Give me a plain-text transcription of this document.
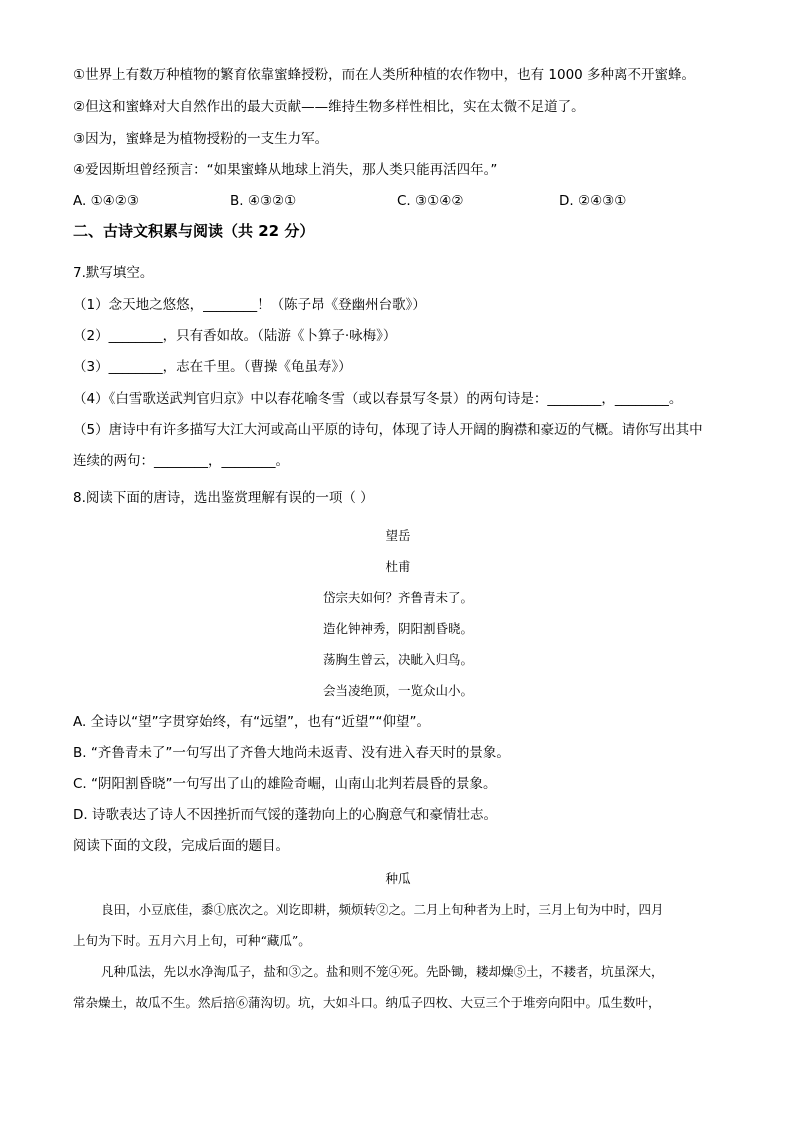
①世界上有数万种植物的繁育依靠蜜蜂授粉，而在人类所种植的农作物中，也有 1000 多种离不开蜜蜂。
②但这和蜜蜂对大自然作出的最大贡献——维持生物多样性相比，实在太微不足道了。
③因为，蜜蜂是为植物授粉的一支生力军。
④爱因斯坦曾经预言：“如果蜜蜂从地球上消失，那人类只能再活四年。”
A. ①④②③	B. ④③②①	C. ③①④②	D. ②④③①
二、古诗文积累与阅读（共 22 分）
7.默写填空。
（1）念天地之悠悠，________！（陈子昂《登幽州台歌》）
（2）________，只有香如故。（陆游《卜算子·咏梅》）
（3）________，志在千里。（曹操《龟虽寿》）
（4）《白雪歌送武判官归京》中以春花喻冬雪（或以春景写冬景）的两句诗是：________，________。
（5）唐诗中有许多描写大江大河或高山平原的诗句，体现了诗人开阔的胸襟和豪迈的气概。请你写出其中
连续的两句：________，________。
8.阅读下面的唐诗，选出鉴赏理解有误的一项（ ）
望岳
杜甫
岱宗夫如何？齐鲁青未了。
造化钟神秀，阴阳割昏晓。
荡胸生曾云，决眦入归鸟。
会当凌绝顶，一览众山小。
A. 全诗以“望”字贯穿始终，有“远望”，也有“近望”“仰望”。
B. “齐鲁青未了”一句写出了齐鲁大地尚未返青、没有进入春天时的景象。
C. “阴阳割昏晓”一句写出了山的雄险奇崛，山南山北判若晨昏的景象。
D. 诗歌表达了诗人不因挫折而气馁的蓬勃向上的心胸意气和豪情壮志。
阅读下面的文段，完成后面的题目。
种瓜
良田，小豆底佳，黍①底次之。刈讫即耕，频烦转②之。二月上旬种者为上时，三月上旬为中时，四月
上旬为下时。五月六月上旬，可种“藏瓜”。
凡种瓜法，先以水净淘瓜子，盐和③之。盐和则不笼④死。先卧锄，耧却燥⑤土，不耧者，坑虽深大，
常杂燥土，故瓜不生。然后掊⑥蒲沟切。坑，大如斗口。纳瓜子四枚、大豆三个于堆旁向阳中。瓜生数叶，
